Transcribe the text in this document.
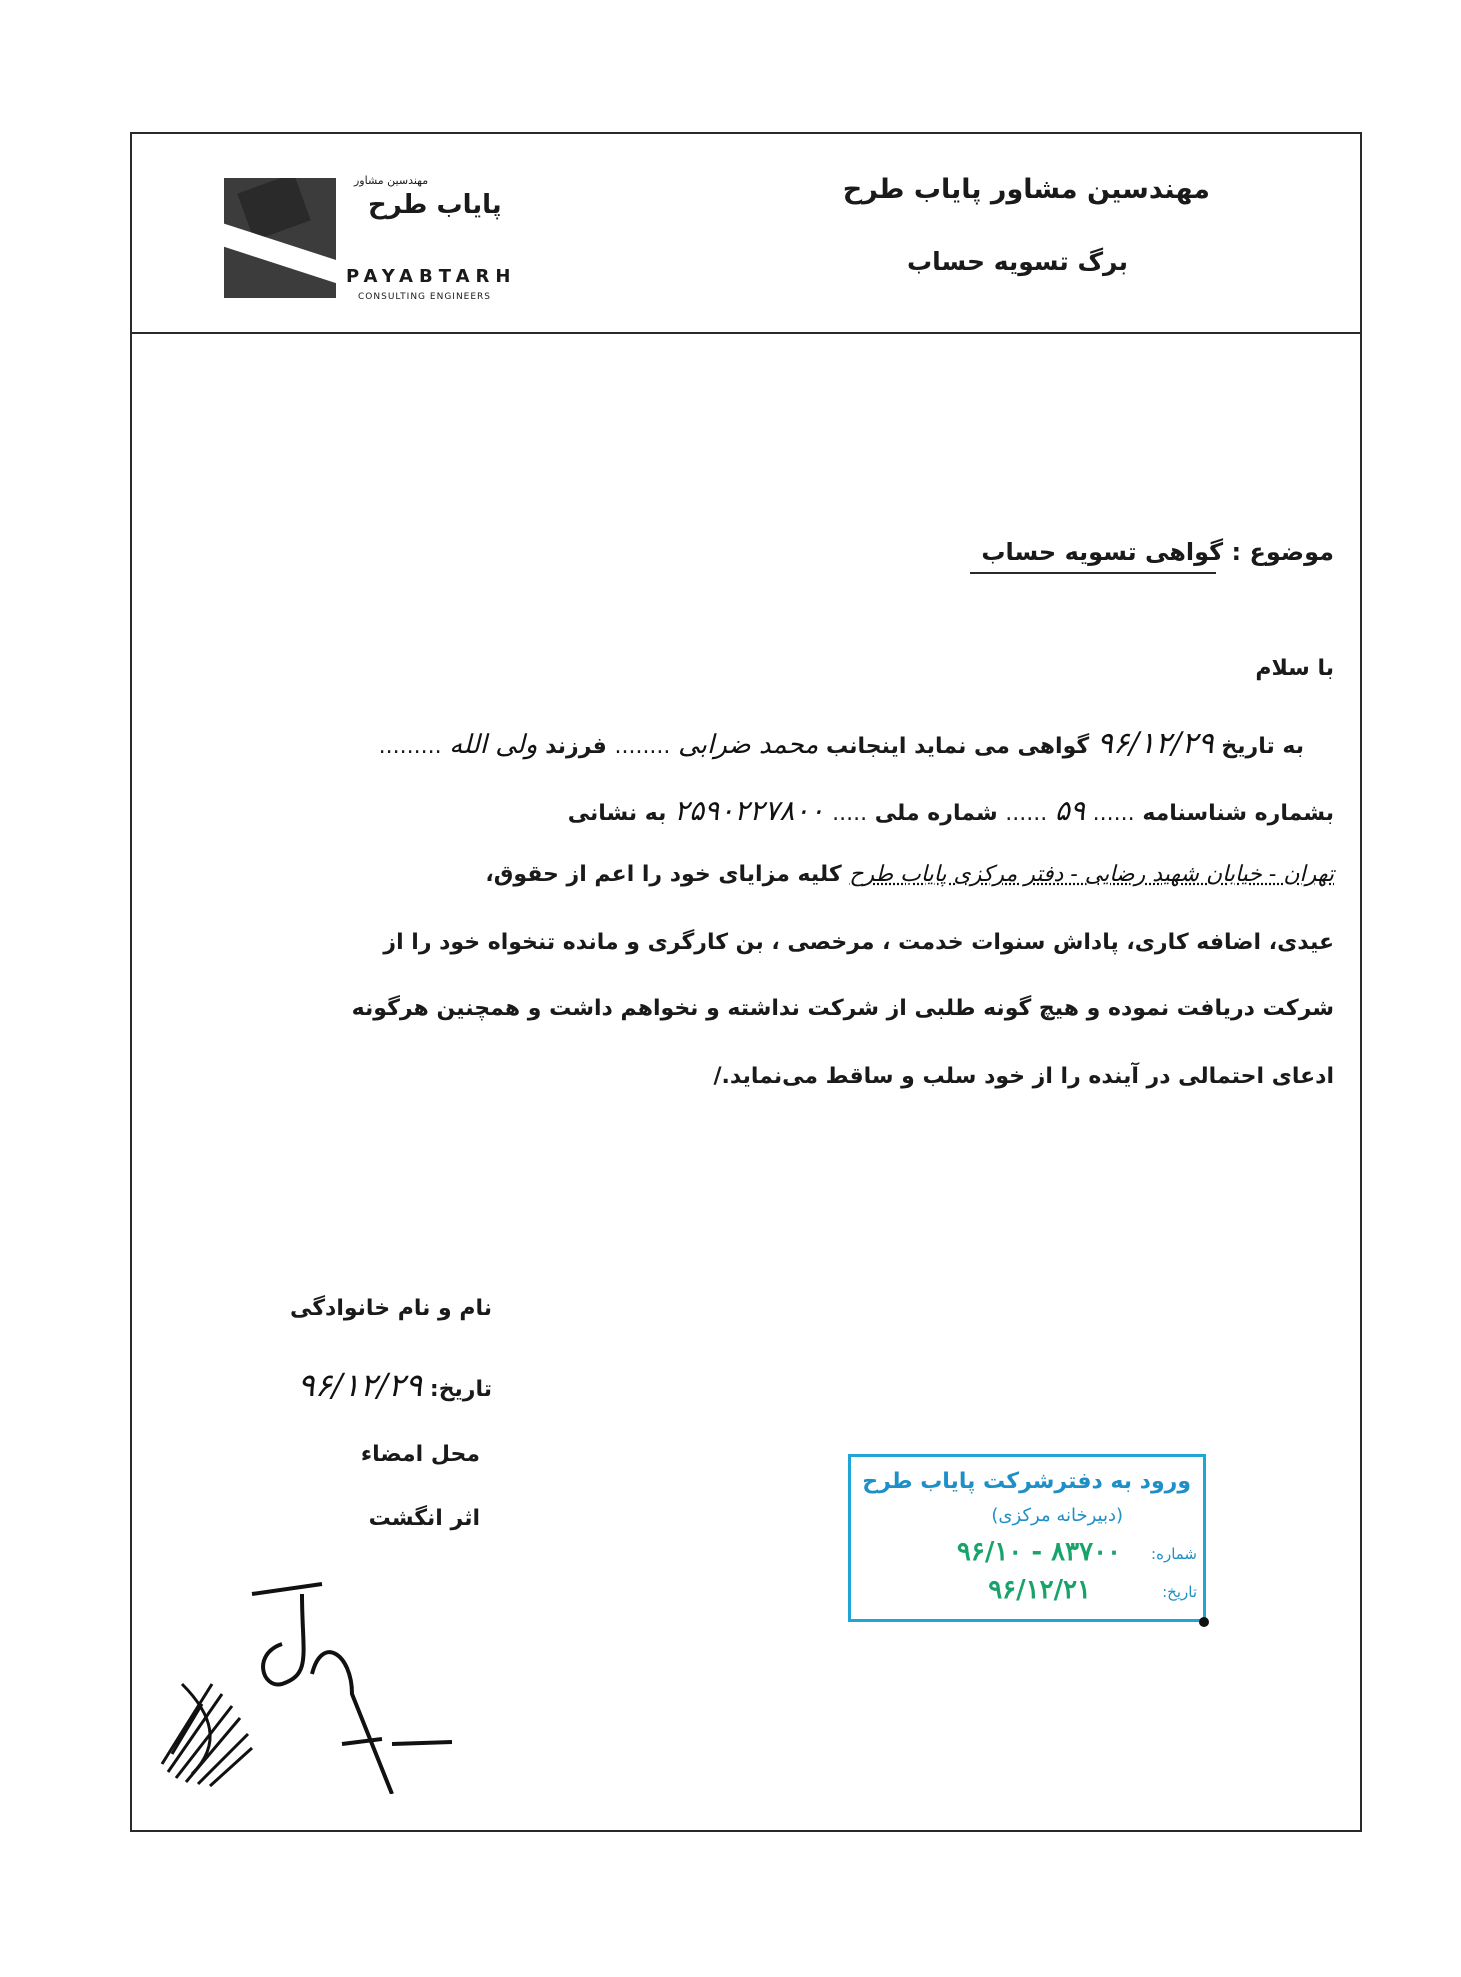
مهندسین مشاور پایاب طرح
برگ تسویه حساب
مهندسین مشاور
پایاب طرح
PAYABTARH
CONSULTING ENGINEERS
موضوع : گواهی تسویه حساب
با سلام
به تاریخ ۹۶/۱۲/۲۹ گواهی می نماید اینجانب محمد ضرابی ........ فرزند ولی الله .........
بشماره شناسنامه ...... ۵۹ ...... شماره ملی ..... ۲۵۹۰۲۲۷۸۰۰ به نشانی
تهران - خیابان شهید رضایی - دفتر مرکزی پایاب طرح کلیه مزایای خود را اعم از حقوق،
عیدی، اضافه کاری، پاداش سنوات خدمت ، مرخصی ، بن کارگری و مانده تنخواه خود را از
شرکت دریافت نموده و هیچ گونه طلبی از شرکت نداشته و نخواهم داشت و همچنین هرگونه
ادعای احتمالی در آینده را از خود سلب و ساقط می‌نماید./
نام و نام خانوادگی
تاریخ: ۹۶/۱۲/۲۹
محل امضاء
اثر انگشت
ورود به دفترشرکت پایاب طرح
(دبیرخانه مرکزی)
شماره:
۸۳۷۰۰ - ۹۶/۱۰
تاریخ:
۹۶/۱۲/۲۱
